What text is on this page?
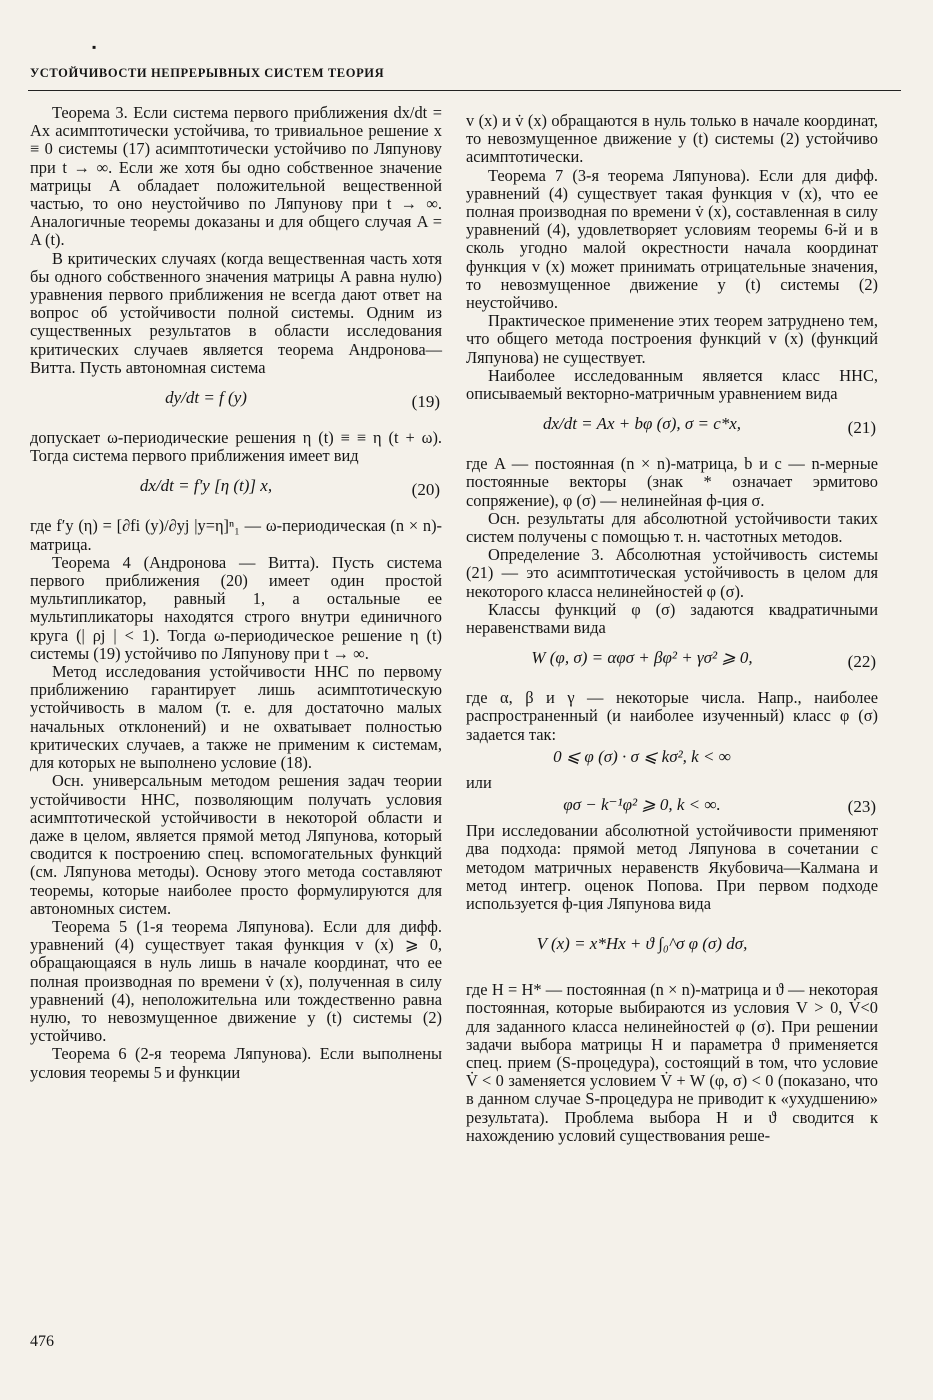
УСТОЙЧИВОСТИ НЕПРЕРЫВНЫХ СИСТЕМ ТЕОРИЯ

Теорема 3. Если система первого приближения dx/dt = Ax асимптотически устойчива, то тривиальное решение x ≡ 0 системы (17) асимптотически устойчиво по Ляпунову при t → ∞. Если же хотя бы одно собственное значение матрицы A обладает положительной вещественной частью, то оно неустойчиво по Ляпунову при t → ∞. Аналогичные теоремы доказаны и для общего случая A = A (t).

В критических случаях (когда вещественная часть хотя бы одного собственного значения матрицы A равна нулю) уравнения первого приближения не всегда дают ответ на вопрос об устойчивости полной системы. Одним из существенных результатов в области исследования критических случаев является теорема Андронова—Витта. Пусть автономная система

dy/dt = f (y)	(19)

допускает ω-периодические решения η (t) ≡ ≡ η (t + ω). Тогда система первого приближения имеет вид

dx/dt = f′y [η (t)] x,	(20)

где f′y (η) = [∂fi (y)/∂yj |y=η]ⁿ₁ — ω-периодическая (n × n)-матрица.

Теорема 4 (Андронова — Витта). Пусть система первого приближения (20) имеет один простой мультипликатор, равный 1, а остальные ее мультипликаторы находятся строго внутри единичного круга (| ρj | < 1). Тогда ω-периодическое решение η (t) системы (19) устойчиво по Ляпунову при t → ∞.

Метод исследования устойчивости ННС по первому приближению гарантирует лишь асимптотическую устойчивость в малом (т. е. для достаточно малых начальных отклонений) и не охватывает полностью критических случаев, а также не применим к системам, для которых не выполнено условие (18).

Осн. универсальным методом решения задач теории устойчивости ННС, позволяющим получать условия асимптотической устойчивости в некоторой области и даже в целом, является прямой метод Ляпунова, который сводится к построению спец. вспомогательных функций (см. Ляпунова методы). Основу этого метода составляют теоремы, которые наиболее просто формулируются для автономных систем.

Теорема 5 (1-я теорема Ляпунова). Если для дифф. уравнений (4) существует такая функция v (x) ⩾ 0, обращающаяся в нуль лишь в начале координат, что ее полная производная по времени v̇ (x), полученная в силу уравнений (4), неположительна или тождественно равна нулю, то невозмущенное движение y (t) системы (2) устойчиво.

Теорема 6 (2-я теорема Ляпунова). Если выполнены условия теоремы 5 и функции

v (x) и v̇ (x) обращаются в нуль только в начале координат, то невозмущенное движение y (t) системы (2) устойчиво асимптотически.

Теорема 7 (3-я теорема Ляпунова). Если для дифф. уравнений (4) существует такая функция v (x), что ее полная производная по времени v̇ (x), составленная в силу уравнений (4), удовлетворяет условиям теоремы 6-й и в сколь угодно малой окрестности начала координат функция v (x) может принимать отрицательные значения, то невозмущенное движение y (t) системы (2) неустойчиво.

Практическое применение этих теорем затруднено тем, что общего метода построения функций v (x) (функций Ляпунова) не существует.

Наиболее исследованным является класс ННС, описываемый векторно-матричным уравнением вида

dx/dt = Ax + bφ (σ), σ = c*x,	(21)

где A — постоянная (n × n)-матрица, b и c — n-мерные постоянные векторы (знак * означает эрмитово сопряжение), φ (σ) — нелинейная ф-ция σ.

Осн. результаты для абсолютной устойчивости таких систем получены с помощью т. н. частотных методов.

Определение 3. Абсолютная устойчивость системы (21) — это асимптотическая устойчивость в целом для некоторого класса нелинейностей φ (σ).

Классы функций φ (σ) задаются квадратичными неравенствами вида

W (φ, σ) = αφσ + βφ² + γσ² ⩾ 0,	(22)

где α, β и γ — некоторые числа. Напр., наиболее распространенный (и наиболее изученный) класс φ (σ) задается так:

0 ⩽ φ (σ) · σ ⩽ kσ², k < ∞

или

φσ − k⁻¹φ² ⩾ 0, k < ∞.	(23)

При исследовании абсолютной устойчивости применяют два подхода: прямой метод Ляпунова в сочетании с методом матричных неравенств Якубовича—Калмана и метод интегр. оценок Попова. При первом подходе используется ф-ция Ляпунова вида

V (x) = x*Hx + ϑ ∫₀^σ φ (σ) dσ,

где H = H* — постоянная (n × n)-матрица и ϑ — некоторая постоянная, которые выбираются из условия V > 0, V̇<0 для заданного класса нелинейностей φ (σ). При решении задачи выбора матрицы H и параметра ϑ применяется спец. прием (S-процедура), состоящий в том, что условие V̇ < 0 заменяется условием V̇ + W (φ, σ) < 0 (показано, что в данном случае S-процедура не приводит к «ухудшению» результата). Проблема выбора H и ϑ сводится к нахождению условий существования реше-

476
▪
